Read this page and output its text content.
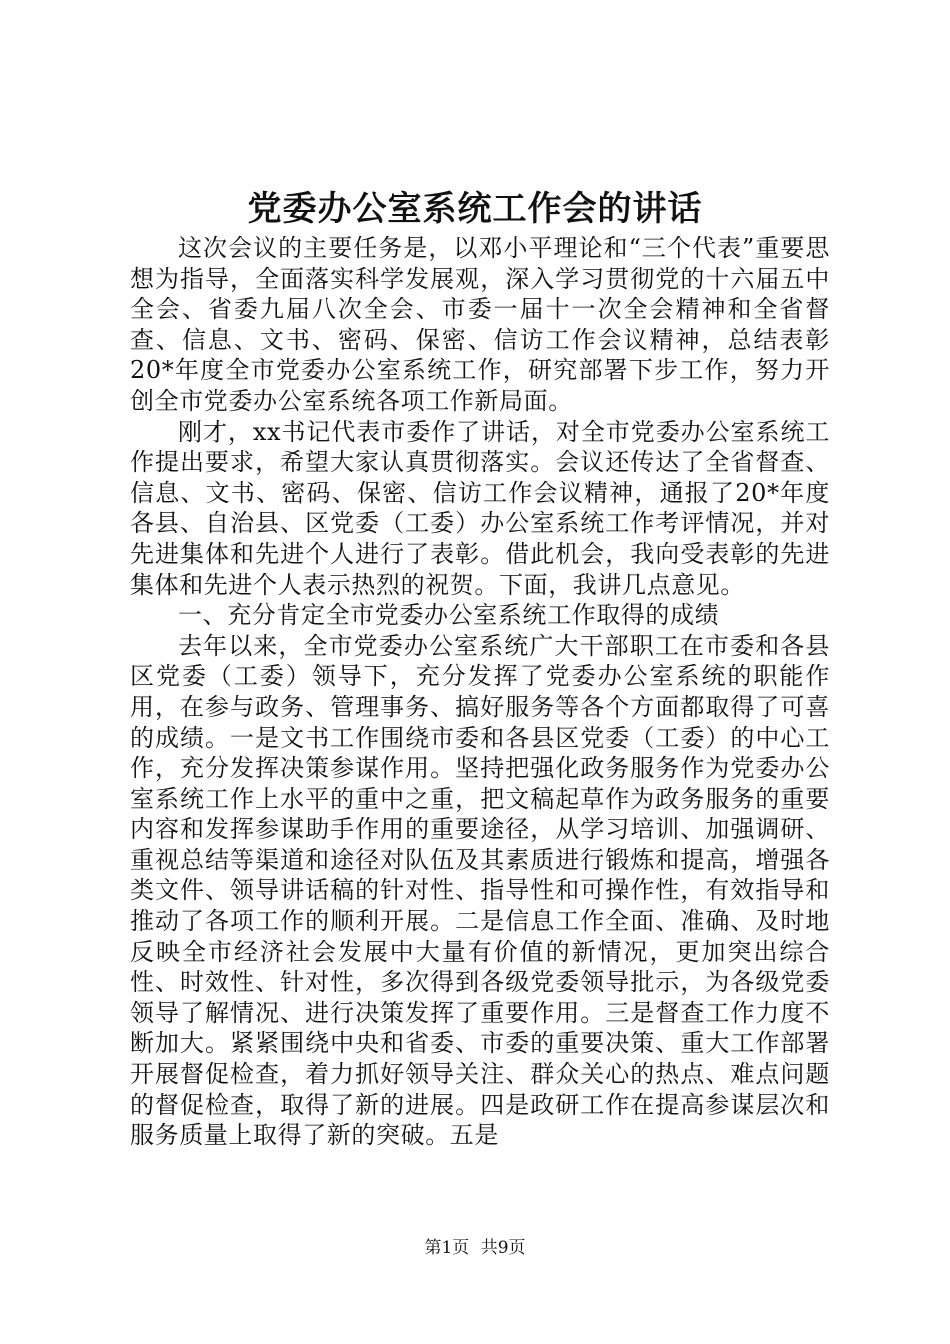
党委办公室系统工作会的讲话

这次会议的主要任务是，以邓小平理论和“三个代表”重要思想为指导，全面落实科学发展观，深入学习贯彻党的十六届五中全会、省委九届八次全会、市委一届十一次全会精神和全省督查、信息、文书、密码、保密、信访工作会议精神，总结表彰20*年度全市党委办公室系统工作，研究部署下步工作，努力开创全市党委办公室系统各项工作新局面。

刚才，xx书记代表市委作了讲话，对全市党委办公室系统工作提出要求，希望大家认真贯彻落实。会议还传达了全省督查、信息、文书、密码、保密、信访工作会议精神，通报了20*年度各县、自治县、区党委（工委）办公室系统工作考评情况，并对先进集体和先进个人进行了表彰。借此机会，我向受表彰的先进集体和先进个人表示热烈的祝贺。下面，我讲几点意见。

一、充分肯定全市党委办公室系统工作取得的成绩

去年以来，全市党委办公室系统广大干部职工在市委和各县区党委（工委）领导下，充分发挥了党委办公室系统的职能作用，在参与政务、管理事务、搞好服务等各个方面都取得了可喜的成绩。一是文书工作围绕市委和各县区党委（工委）的中心工作，充分发挥决策参谋作用。坚持把强化政务服务作为党委办公室系统工作上水平的重中之重，把文稿起草作为政务服务的重要内容和发挥参谋助手作用的重要途径，从学习培训、加强调研、重视总结等渠道和途径对队伍及其素质进行锻炼和提高，增强各类文件、领导讲话稿的针对性、指导性和可操作性，有效指导和推动了各项工作的顺利开展。二是信息工作全面、准确、及时地反映全市经济社会发展中大量有价值的新情况，更加突出综合性、时效性、针对性，多次得到各级党委领导批示，为各级党委领导了解情况、进行决策发挥了重要作用。三是督查工作力度不断加大。紧紧围绕中央和省委、市委的重要决策、重大工作部署开展督促检查，着力抓好领导关注、群众关心的热点、难点问题的督促检查，取得了新的进展。四是政研工作在提高参谋层次和服务质量上取得了新的突破。五是

第1页 共9页
